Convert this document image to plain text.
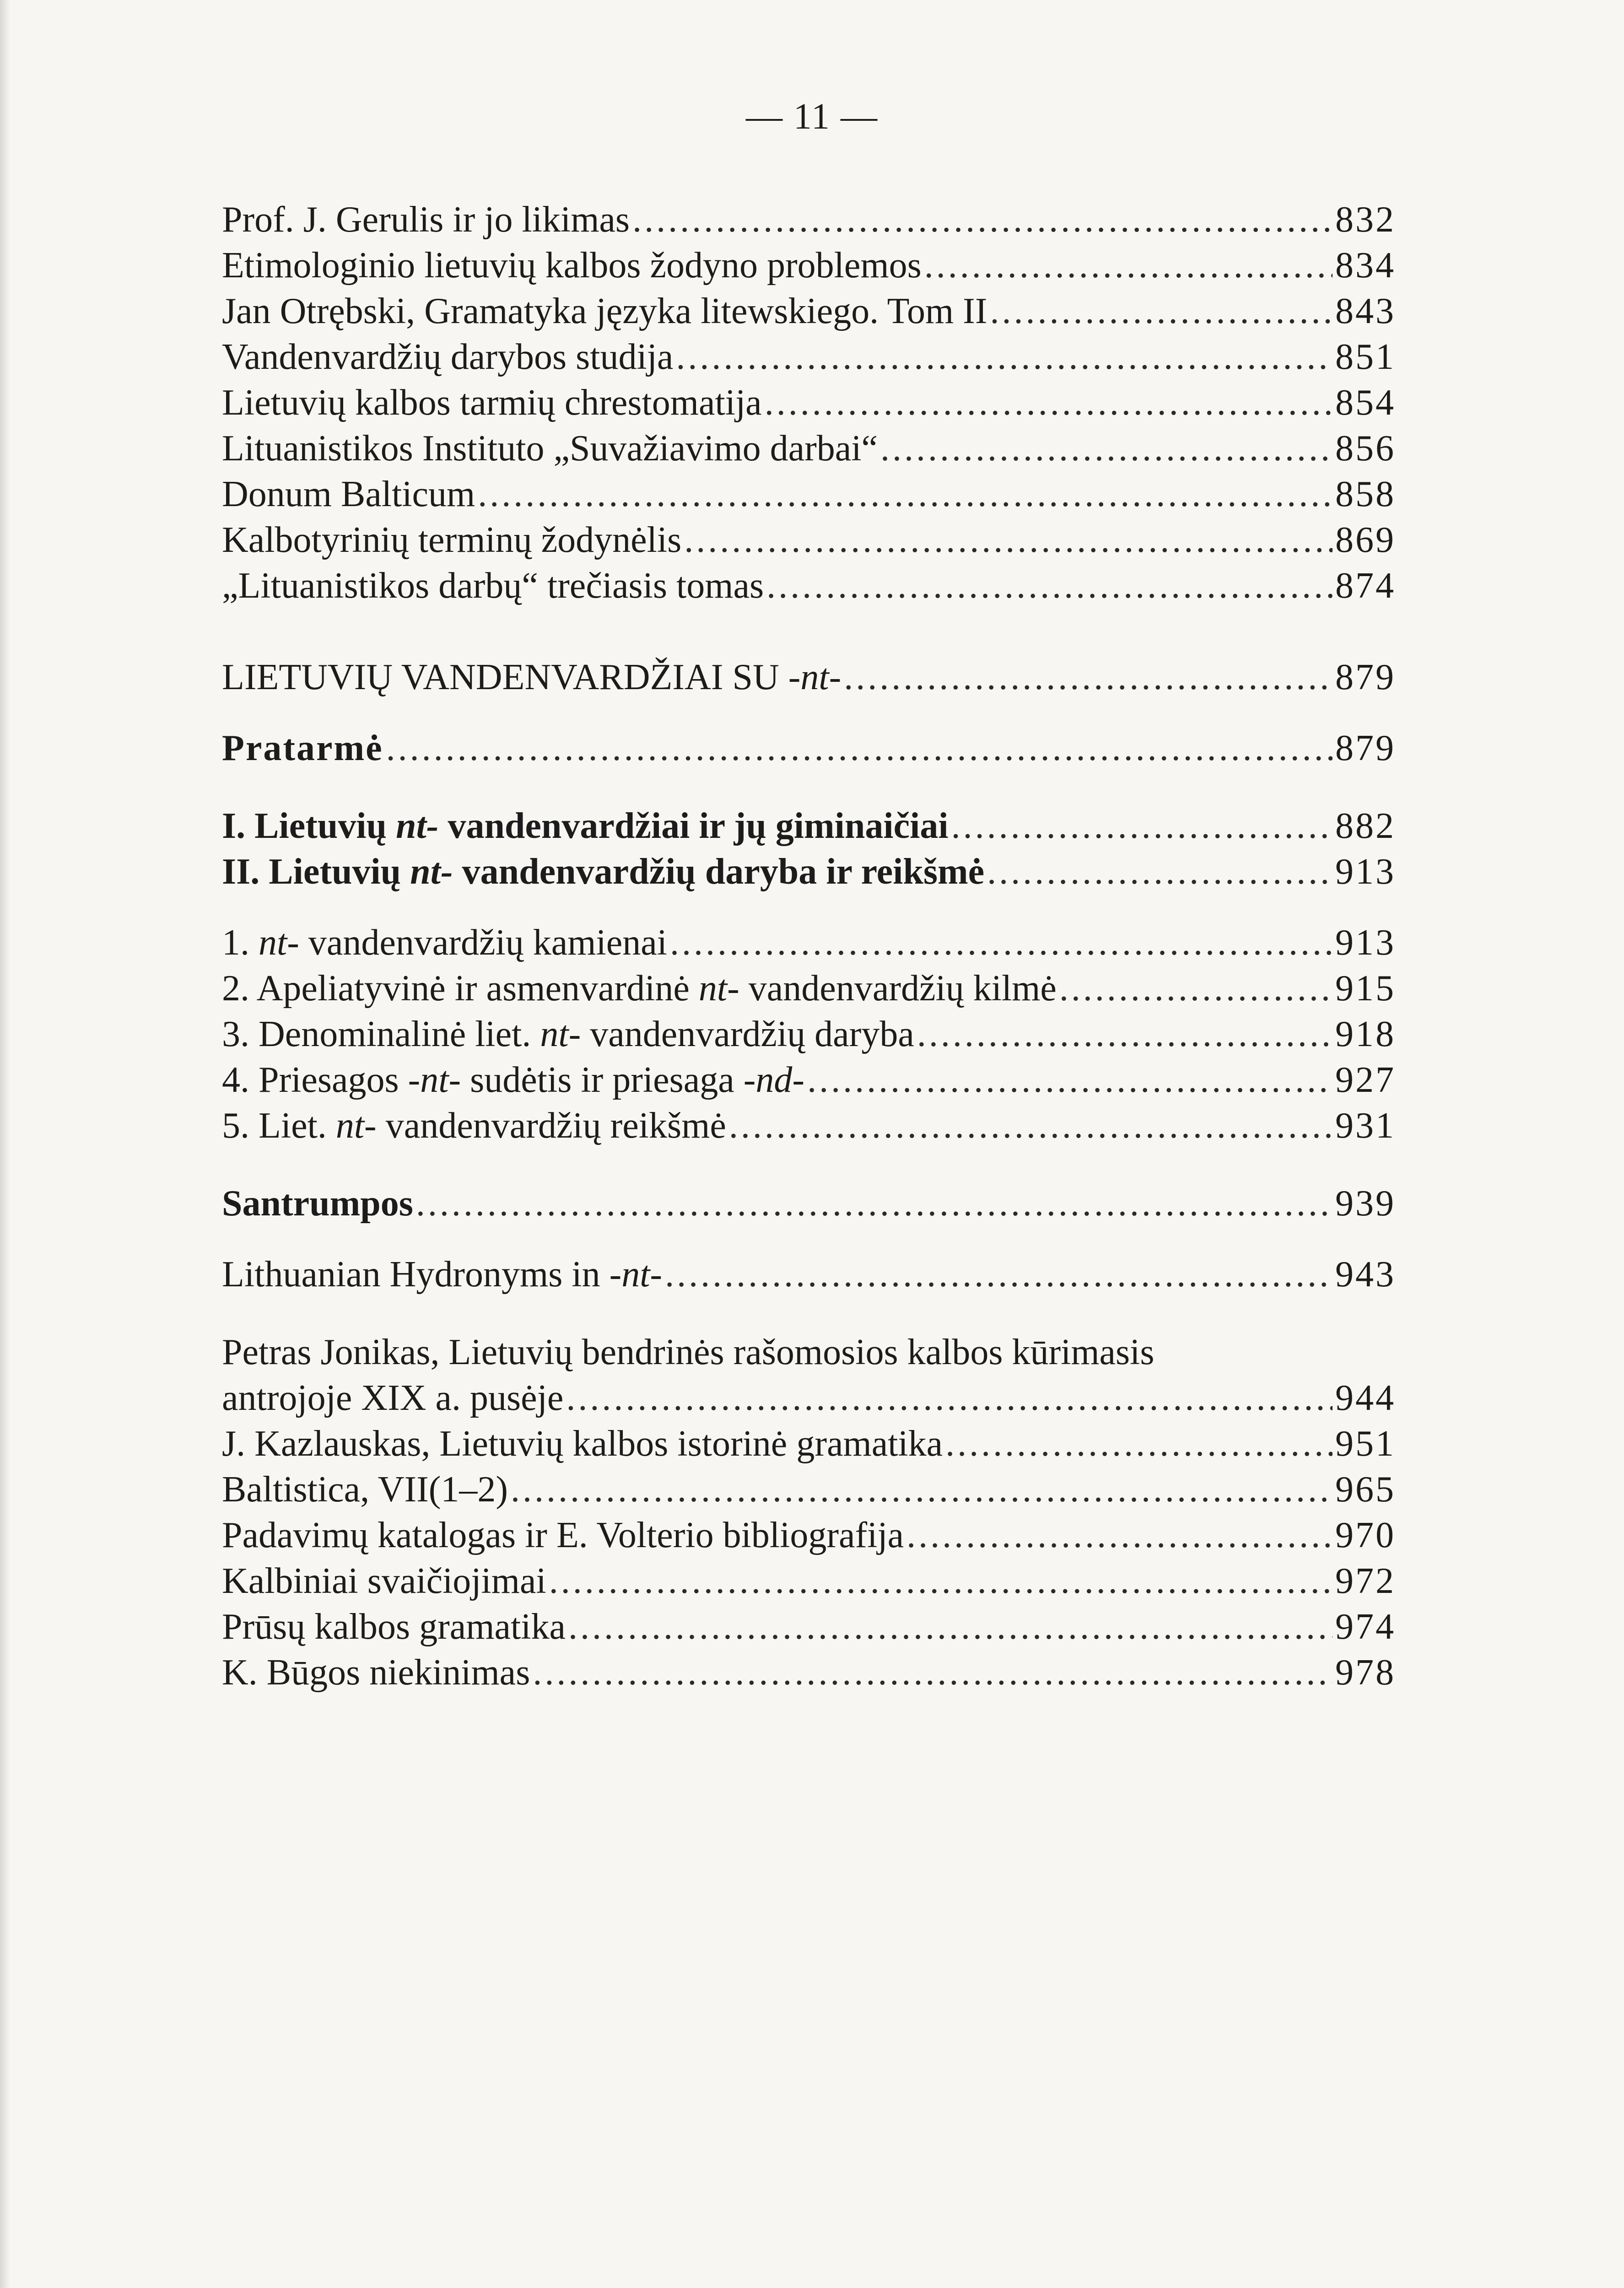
— 11 —
Prof. J. Gerulis ir jo likimas .....	832
Etimologinio lietuvių kalbos žodyno problemos .....	834
Jan Otrębski, Gramatyka języka litewskiego. Tom II .....	843
Vandenvardžių darybos studija .....	851
Lietuvių kalbos tarmių chrestomatija .....	854
Lituanistikos Instituto „Suvažiavimo darbai“ .....	856
Donum Balticum .....	858
Kalbotyrinių terminų žodynėlis .....	869
„Lituanistikos darbų“ trečiasis tomas .....	874
LIETUVIŲ VANDENVARDŽIAI SU -nt- .....	879
Pratarmė .....	879
I. Lietuvių nt- vandenvardžiai ir jų giminaičiai .....	882
II. Lietuvių nt- vandenvardžių daryba ir reikšmė .....	913
1. nt- vandenvardžių kamienai .....	913
2. Apeliatyvinė ir asmenvardinė nt- vandenvardžių kilmė .....	915
3. Denominalinė liet. nt- vandenvardžių daryba .....	918
4. Priesagos -nt- sudėtis ir priesaga -nd- .....	927
5. Liet. nt- vandenvardžių reikšmė .....	931
Santrumpos .....	939
Lithuanian Hydronyms in -nt- .....	943
Petras Jonikas, Lietuvių bendrinės rašomosios kalbos kūrimasis
antrojoje XIX a. pusėje .....	944
J. Kazlauskas, Lietuvių kalbos istorinė gramatika .....	951
Baltistica, VII(1–2) .....	965
Padavimų katalogas ir E. Volterio bibliografija .....	970
Kalbiniai svaičiojimai .....	972
Prūsų kalbos gramatika .....	974
K. Būgos niekinimas .....	978
